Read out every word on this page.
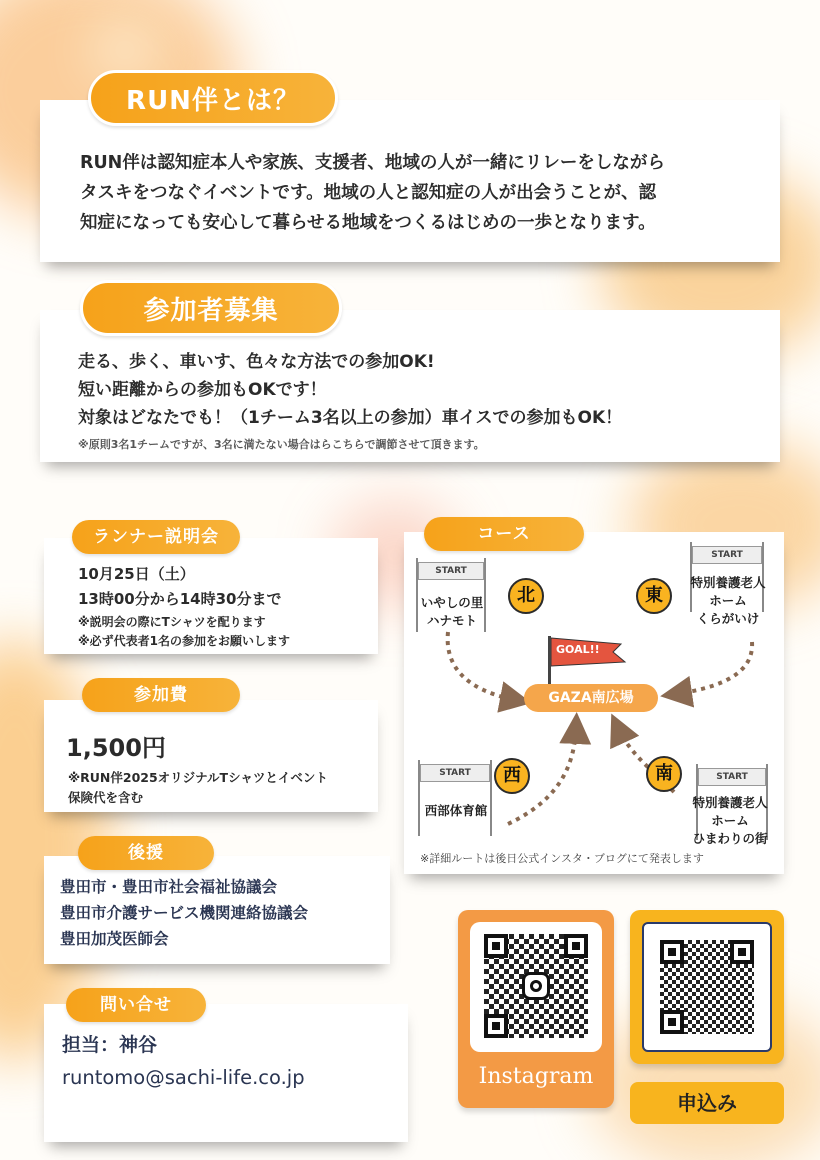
RUN伴とは？
RUN伴は認知症本人や家族、支援者、地域の人が一緒にリレーをしながら
タスキをつなぐイベントです。地域の人と認知症の人が出会うことが、認
知症になっても安心して暮らせる地域をつくるはじめの一歩となります。
参加者募集
走る、歩く、車いす、色々な方法での参加OK!
短い距離からの参加もOKです！
対象はどなたでも！（1チーム3名以上の参加）車イスでの参加もOK！
※原則3名1チームですが、3名に満たない場合はらこちらで調節させて頂きます。
ランナー説明会
10月25日（土）
13時00分から14時30分まで
※説明会の際にTシャツを配ります
※必ず代表者1名の参加をお願いします
参加費
1,500円
※RUN伴2025オリジナルTシャツとイベント
保険代を含む
後援
豊田市・豊田市社会福祉協議会
豊田市介護サービス機関連絡協議会
豊田加茂医師会
問い合せ
担当：神谷
runtomo@sachi-life.co.jp
コース
START
START
START	START
いやしの里
ハナモト
特別養護老人
ホーム
くらがいけ
西部体育館
特別養護老人
ホーム
ひまわりの街
北	東
西	南
GOAL!!
GAZA南広場
※詳細ルートは後日公式インスタ・ブログにて発表します
Instagram
申込み
